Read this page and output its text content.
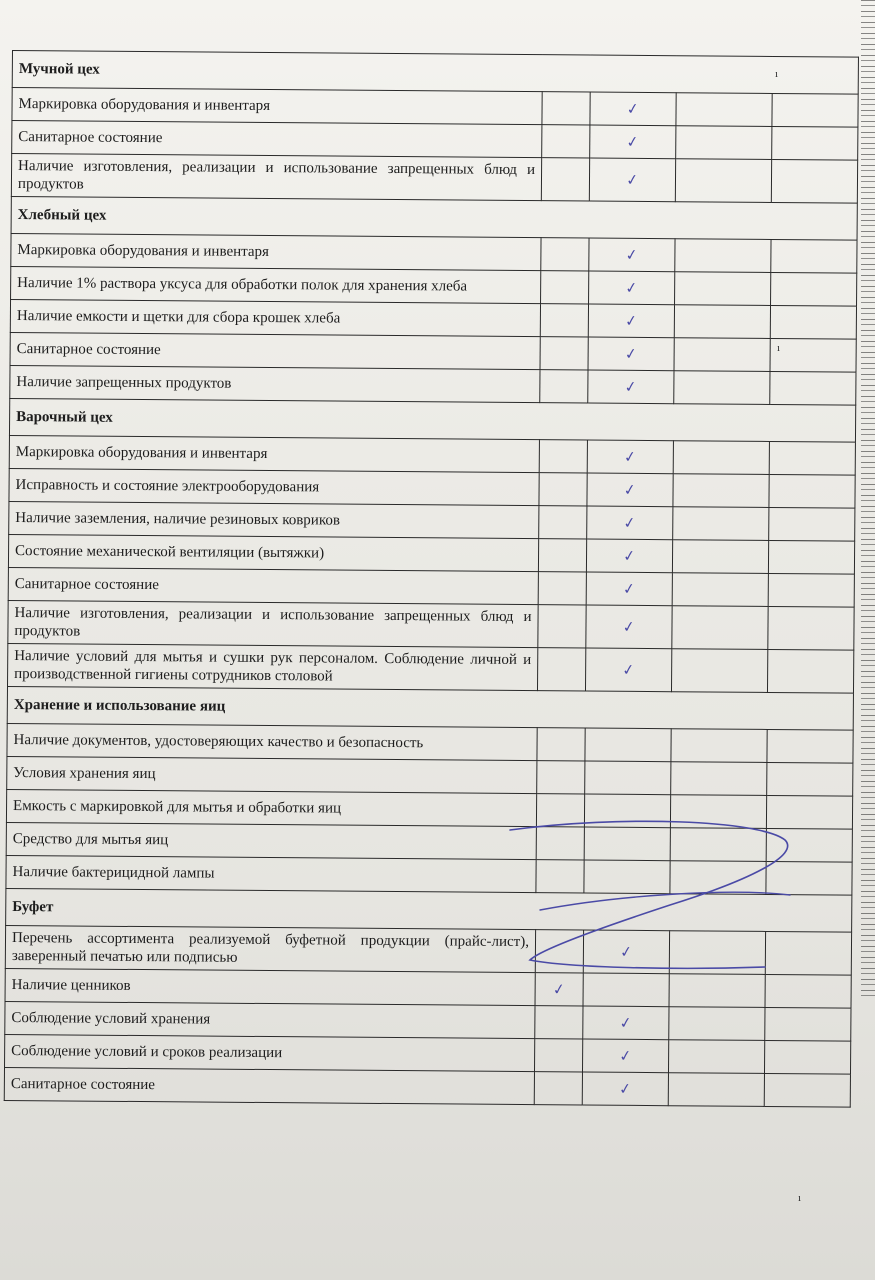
Мучной цех				
Маркировка оборудования и инвентаря		✓		
Санитарное состояние		✓		
Наличие изготовления, реализации и использование запрещенных блюд и продуктов		✓		
Хлебный цех				
Маркировка оборудования и инвентаря		✓		
Наличие 1% раствора уксуса для обработки полок для хранения хлеба		✓		
Наличие емкости и щетки для сбора крошек хлеба		✓		
Санитарное состояние		✓		
Наличие запрещенных продуктов		✓		
Варочный цех				
Маркировка оборудования и инвентаря		✓		
Исправность и состояние электрооборудования		✓		
Наличие заземления, наличие резиновых ковриков		✓		
Состояние механической вентиляции (вытяжки)		✓		
Санитарное состояние		✓		
Наличие изготовления, реализации и использование запрещенных блюд и продуктов		✓		
Наличие условий для мытья и сушки рук персоналом. Соблюдение личной и производственной гигиены сотрудников столовой		✓		
Хранение и использование яиц				
Наличие документов, удостоверяющих качество и безопасность				
Условия хранения яиц				
Емкость с маркировкой для мытья и обработки яиц				
Средство для мытья яиц				
Наличие бактерицидной лампы				
Буфет				
Перечень ассортимента реализуемой буфетной продукции (прайс-лист), заверенный печатью или подписью		✓		
Наличие ценников	✓			
Соблюдение условий хранения		✓		
Соблюдение условий и сроков реализации		✓		
Санитарное состояние		✓		
ı
ı
ı
